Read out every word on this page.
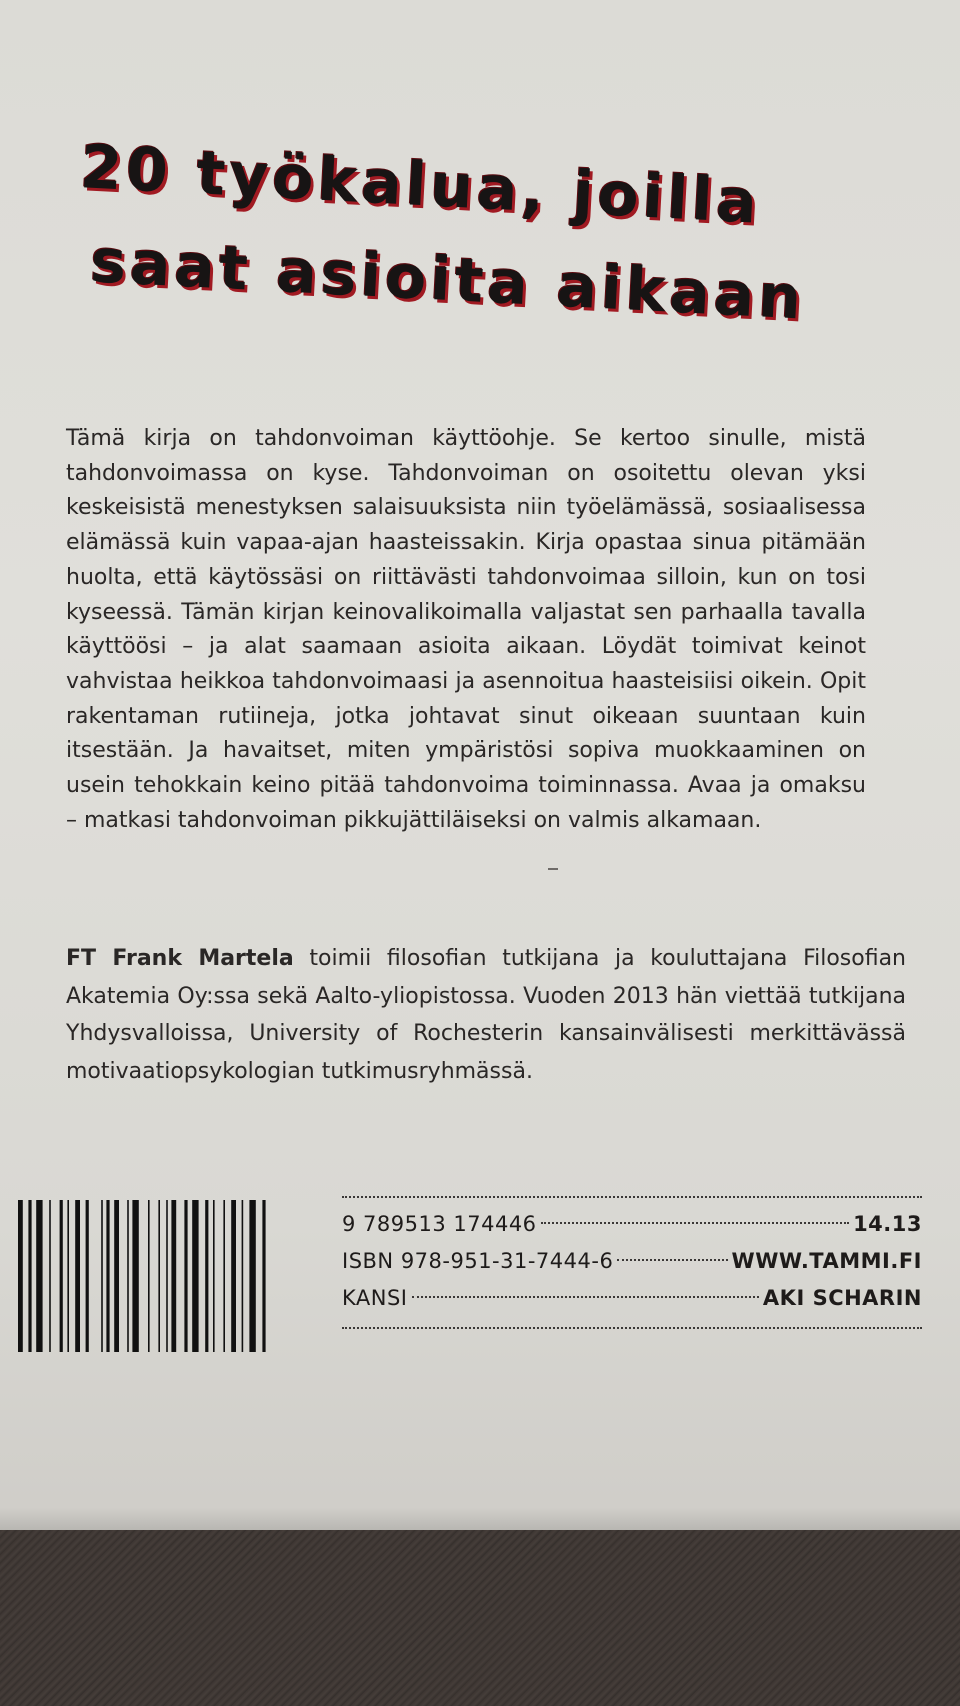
20 työkalua, joilla
saat asioita aikaan

Tämä kirja on tahdonvoiman käyttöohje. Se kertoo sinulle, mistä tahdonvoimassa on kyse. Tahdonvoiman on osoitettu olevan yksi keskeisistä menestyksen salaisuuksista niin työelämässä, sosiaalisessa elämässä kuin vapaa-ajan haasteissakin. Kirja opastaa sinua pitämään huolta, että käytössäsi on riittävästi tahdonvoimaa silloin, kun on tosi kyseessä. Tämän kirjan keinovalikoimalla valjastat sen parhaalla tavalla käyttöösi – ja alat saamaan asioita aikaan. Löydät toimivat keinot vahvistaa heikkoa tahdonvoimaasi ja asennoitua haasteisiisi oikein. Opit rakentaman rutiineja, jotka johtavat sinut oikeaan suuntaan kuin itsestään. Ja havaitset, miten ympäristösi sopiva muokkaaminen on usein tehokkain keino pitää tahdonvoima toiminnassa. Avaa ja omaksu – matkasi tahdonvoiman pikkujättiläiseksi on valmis alkamaan.

FT Frank Martela toimii filosofian tutkijana ja kouluttajana Filosofian Akatemia Oy:ssa sekä Aalto-yliopistossa. Vuoden 2013 hän viettää tutkijana Yhdysvalloissa, University of Rochesterin kansainvälisesti merkittävässä motivaatiopsykologian tutkimusryhmässä.

9 789513 174446	14.13
ISBN 978-951-31-7444-6	WWW.TAMMI.FI
KANSI	AKI SCHARIN
